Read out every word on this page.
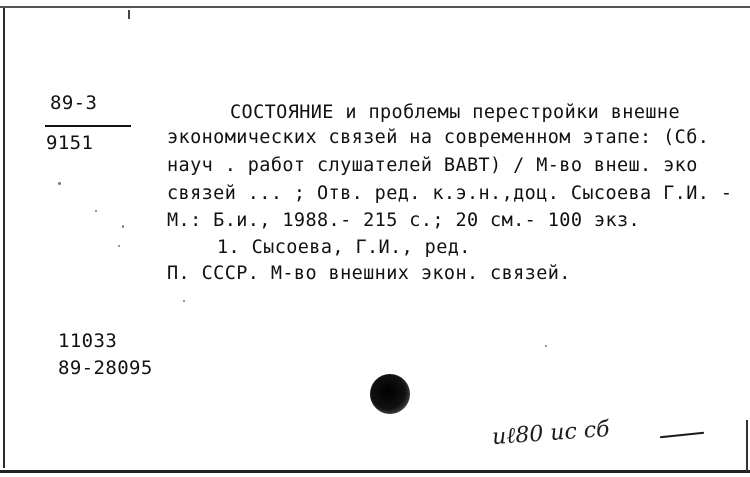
89-3
9151
СОСТОЯНИЕ и проблемы перестройки внешне
экономических связей на современном этапе: (Сб.
науч . работ слушателей ВАВТ) / М-во внеш. эко
связей ... ; Отв. ред. к.э.н.,доц. Сысоева Г.И. -
М.: Б.и., 1988.- 215 с.; 20 см.- 100 экз.
1. Сысоева, Г.И., ред.
П. СССР. М-во внешних экон. связей.
11033
89-28095
иℓ80 ис сб
